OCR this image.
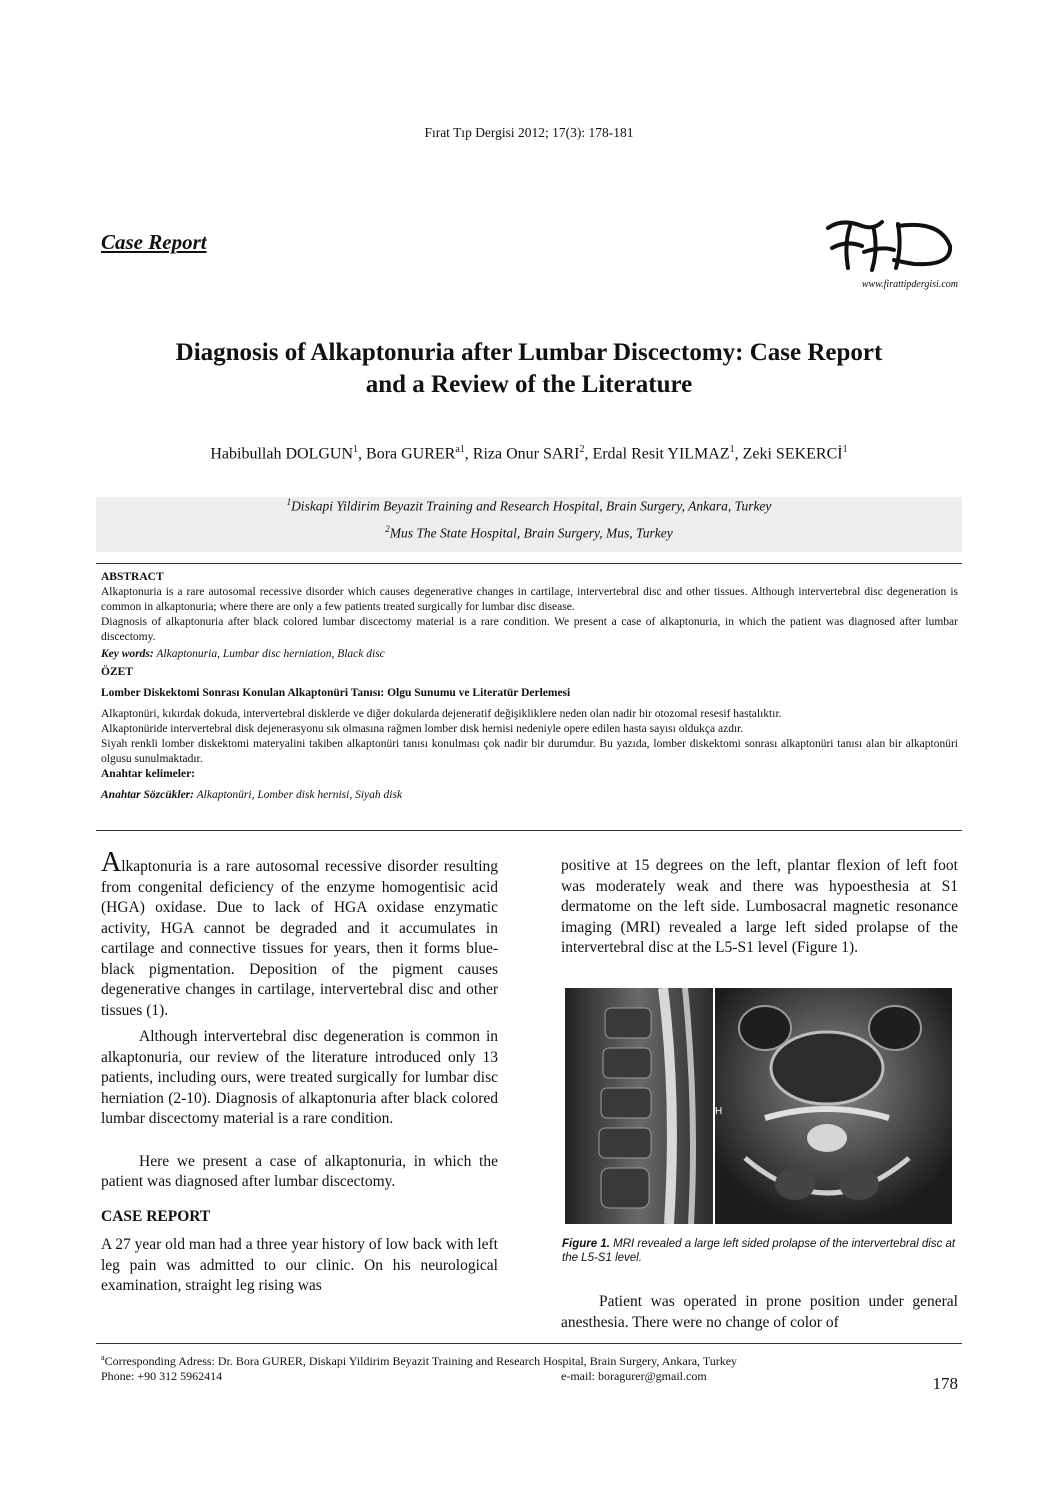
Fırat Tıp Dergisi 2012; 17(3): 178-181
Case Report
www.firattipdergisi.com
Diagnosis of Alkaptonuria after Lumbar Discectomy: Case Report
and a Review of the Literature
Habibullah DOLGUN$^1$, Bora $GURER^{a1}$, Riza Onur SARI$^2$, Erdal Resit YILMAZ$^1$, Zeki SEKERCİ$^1$
$^1$Diskapi Yildirim Beyazit Training and Research Hospital, Brain Surgery, Ankara, Turkey
$^2$Mus The State Hospital, Brain Surgery, Mus, Turkey

ABSTRACT

Alkaptonuria is a rare autosomal recessive disorder which causes degenerative changes in cartilage, intervertebral disc and other tissues. Although intervertebral disc degeneration is common in alkaptonuria; where there are only a few patients treated surgically for lumbar disc disease.

Diagnosis of alkaptonuria after black colored lumbar discectomy material is a rare condition. We present a case of alkaptonuria, in which the patient was diagnosed after lumbar discectomy.

Key words: Alkaptonuria, Lumbar disc herniation, Black disc

ÖZET

Lomber Diskektomi Sonrası Konulan Alkaptonüri Tanısı: Olgu Sunumu ve Literatür Derlemesi

Alkaptonüri, kıkırdak dokuda, intervertebral disklerde ve diğer dokularda dejeneratif değişikliklere neden olan nadir bir otozomal resesif hastalıktır.

Alkaptonüride intervertebral disk dejenerasyonu sık olmasına rağmen lomber disk hernisi nedeniyle opere edilen hasta sayısı oldukça azdır.

Siyah renkli lomber diskektomi materyalini takiben alkaptonüri tanısı konulması çok nadir bir durumdur. Bu yazıda, lomber diskektomi sonrası alkaptonüri tanısı alan bir alkaptonüri olgusu sunulmaktadır.

Anahtar kelimeler:

Anahtar Sözcükler: Alkaptonüri, Lomber disk hernisi, Siyah disk

Alkaptonuria is a rare autosomal recessive disorder resulting from congenital deficiency of the enzyme homogentisic acid (HGA) oxidase. Due to lack of HGA oxidase enzymatic activity, HGA cannot be degraded and it accumulates in cartilage and connective tissues for years, then it forms blue-black pigmentation. Deposition of the pigment causes degenerative changes in cartilage, intervertebral disc and other tissues (1).

Although intervertebral disc degeneration is common in alkaptonuria, our review of the literature introduced only 13 patients, including ours, were treated surgically for lumbar disc herniation (2-10). Diagnosis of alkaptonuria after black colored lumbar discectomy material is a rare condition.

Here we present a case of alkaptonuria, in which the patient was diagnosed after lumbar discectomy.

CASE REPORT

A 27 year old man had a three year history of low back with left leg pain was admitted to our clinic. On his neurological examination, straight leg rising was

positive at 15 degrees on the left, plantar flexion of left foot was moderately weak and there was hypoesthesia at S1 dermatome on the left side. Lumbosacral magnetic resonance imaging (MRI) revealed a large left sided prolapse of the intervertebral disc at the L5-S1 level (Figure 1).

H
Figure 1. MRI revealed a large left sided prolapse of the intervertebral disc at the L5-S1 level.

Patient was operated in prone position under general anesthesia. There were no change of color of

$^a$Corresponding Adress: Dr. Bora GURER, Diskapi Yildirim Beyazit Training and Research Hospital, Brain Surgery, Ankara, Turkey
Phone: +90 312 5962414	e-mail: boragurer@gmail.com	178
